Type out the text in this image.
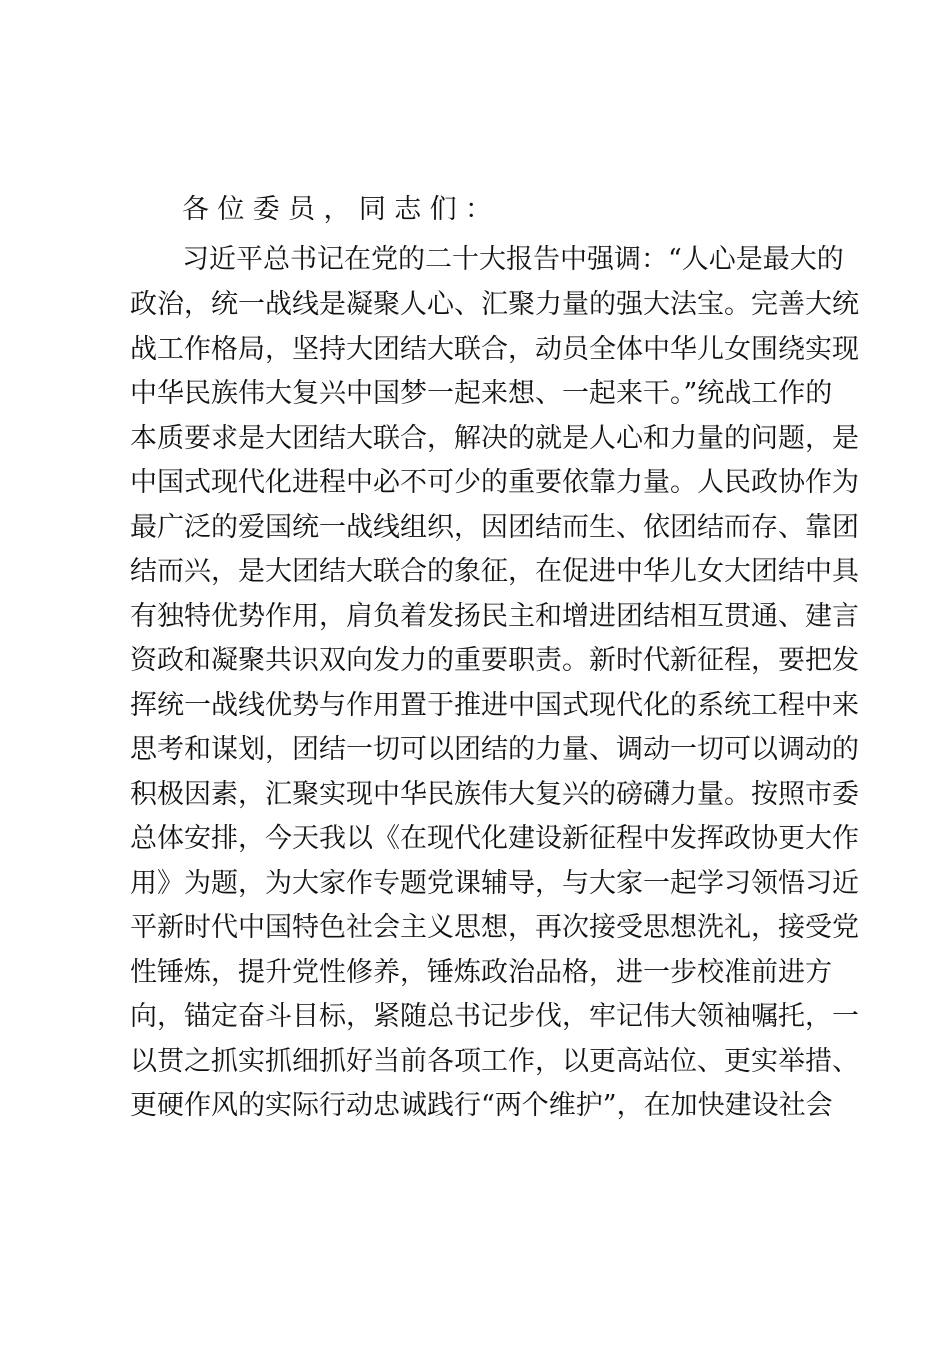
各位委员，同志们：
习近平总书记在党的二十大报告中强调：“人心是最大的
政治，统一战线是凝聚人心、汇聚力量的强大法宝。完善大统
战工作格局，坚持大团结大联合，动员全体中华儿女围绕实现
中华民族伟大复兴中国梦一起来想、一起来干。”统战工作的
本质要求是大团结大联合，解决的就是人心和力量的问题，是
中国式现代化进程中必不可少的重要依靠力量。人民政协作为
最广泛的爱国统一战线组织，因团结而生、依团结而存、靠团
结而兴，是大团结大联合的象征，在促进中华儿女大团结中具
有独特优势作用，肩负着发扬民主和增进团结相互贯通、建言
资政和凝聚共识双向发力的重要职责。新时代新征程，要把发
挥统一战线优势与作用置于推进中国式现代化的系统工程中来
思考和谋划，团结一切可以团结的力量、调动一切可以调动的
积极因素，汇聚实现中华民族伟大复兴的磅礴力量。按照市委
总体安排，今天我以《在现代化建设新征程中发挥政协更大作
用》为题，为大家作专题党课辅导，与大家一起学习领悟习近
平新时代中国特色社会主义思想，再次接受思想洗礼，接受党
性锤炼，提升党性修养，锤炼政治品格，进一步校准前进方
向，锚定奋斗目标，紧随总书记步伐，牢记伟大领袖嘱托，一
以贯之抓实抓细抓好当前各项工作，以更高站位、更实举措、
更硬作风的实际行动忠诚践行“两个维护”，在加快建设社会
